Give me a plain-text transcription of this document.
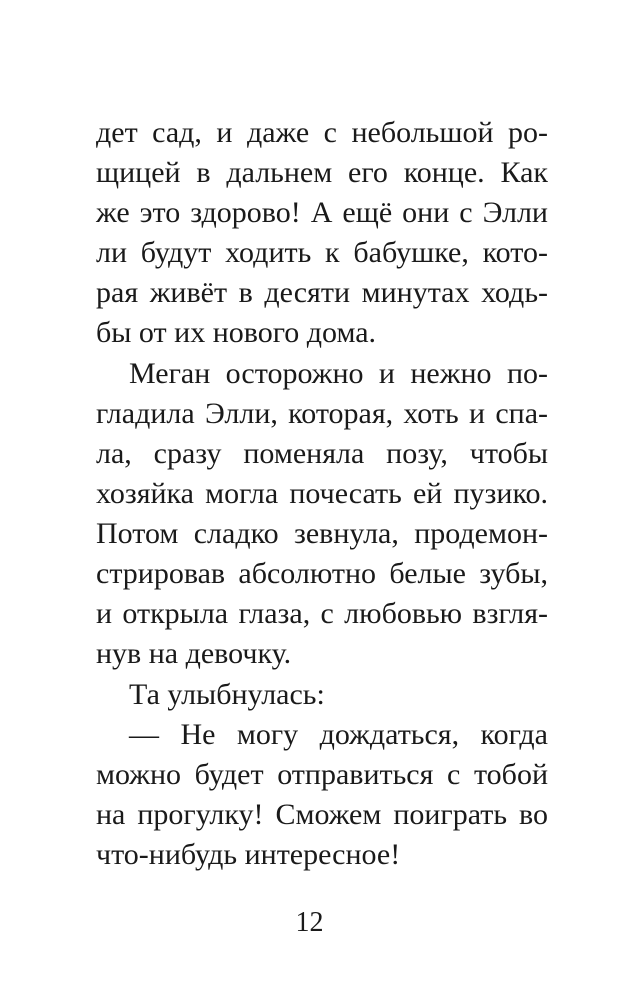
дет сад, и даже с небольшой ро-
щицей в дальнем его конце. Как
же это здорово! А ещё они с Элли
ли будут ходить к бабушке, кото-
рая живёт в десяти минутах ходь-
бы от их нового дома.
Меган осторожно и нежно по-
гладила Элли, которая, хоть и спа-
ла, сразу поменяла позу, чтобы
хозяйка могла почесать ей пузико.
Потом сладко зевнула, продемон-
стрировав абсолютно белые зубы,
и открыла глаза, с любовью взгля-
нув на девочку.
Та улыбнулась:
— Не могу дождаться, когда
можно будет отправиться с тобой
на прогулку! Сможем поиграть во
что-нибудь интересное!
12
